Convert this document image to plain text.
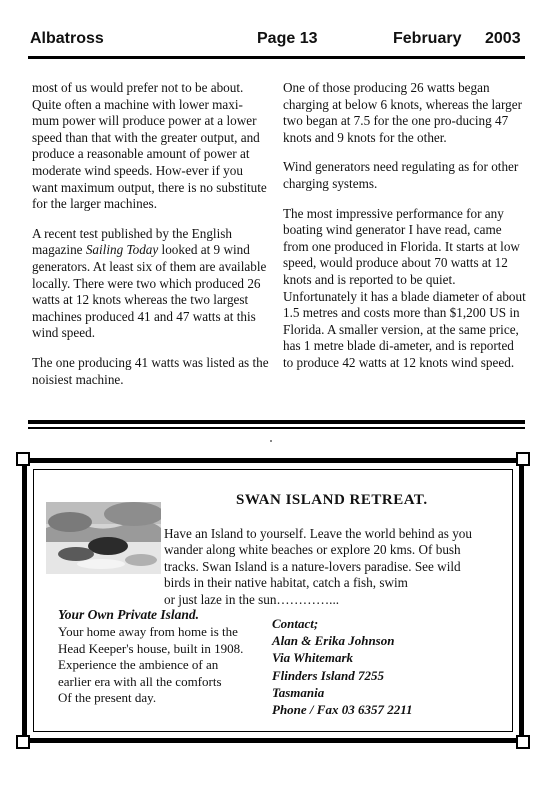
Albatross	Page 13	February 2003

most of us would prefer not to be about. Quite often a machine with lower maxi-mum power will produce power at a lower speed than that with the greater output, and produce a reasonable amount of power at moderate wind speeds. How-ever if you want maximum output, there is no substitute for the larger machines.

A recent test published by the English magazine Sailing Today looked at 9 wind generators. At least six of them are available locally. There were two which produced 26 watts at 12 knots whereas the two largest machines produced 41 and 47 watts at this wind speed.

The one producing 41 watts was listed as the noisiest machine.

One of those producing 26 watts began charging at below 6 knots, whereas the larger two began at 7.5 for the one pro-ducing 47 knots and 9 knots for the other.

Wind generators need regulating as for other charging systems.

The most impressive performance for any boating wind generator I have read, came from one produced in Florida. It starts at low speed, would produce about 70 watts at 12 knots and is reported to be quiet. Unfortunately it has a blade diameter of about 1.5 metres and costs more than $1,200 US in Florida. A smaller version, at the same price, has 1 metre blade di-ameter, and is reported to produce 42 watts at 12 knots wind speed.

SWAN ISLAND RETREAT.
Have an Island to yourself. Leave the world behind as you
wander along white beaches or explore 20 kms. Of bush
tracks. Swan Island is a nature-lovers paradise. See wild
birds in their native habitat, catch a fish, swim
or just laze in the sun…………...
Your Own Private Island.
Your home away from home is the
Head Keeper's house, built in 1908.
Experience the ambience of an
earlier era with all the comforts
Of the present day.
Contact;
Alan & Erika Johnson
Via Whitemark
Flinders Island 7255
Tasmania
Phone / Fax 03 6357 2211
